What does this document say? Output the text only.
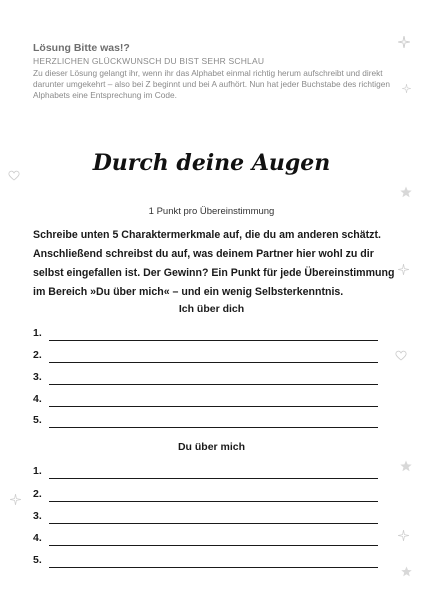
Lösung Bitte was!?
HERZLICHEN GLÜCKWUNSCH DU BIST SEHR SCHLAU
Zu dieser Lösung gelangt ihr, wenn ihr das Alphabet einmal richtig herum aufschreibt und direkt darunter umgekehrt – also bei Z beginnt und bei A aufhört. Nun hat jeder Buchstabe des richtigen Alphabets eine Entsprechung im Code.
Durch deine Augen
1 Punkt pro Übereinstimmung
Schreibe unten 5 Charaktermerkmale auf, die du am anderen schätzt. Anschließend schreibst du auf, was deinem Partner hier wohl zu dir selbst eingefallen ist. Der Gewinn? Ein Punkt für jede Übereinstimmung im Bereich »Du über mich« – und ein wenig Selbsterkenntnis.
Ich über dich
1.
2.
3.
4.
5.
Du über mich
1.
2.
3.
4.
5.
